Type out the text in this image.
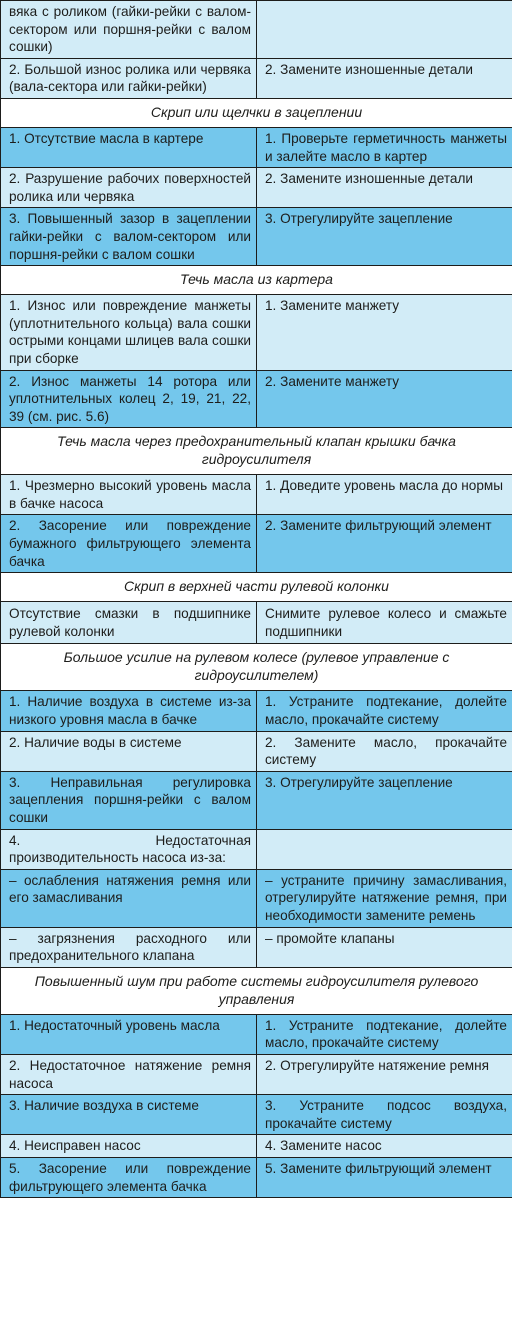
вяка с роликом (гайки-рейки с валом-сектором или поршня-рейки с валом сошки)	
2. Большой износ ролика или червяка (вала-сектора или гайки-рейки)	2. Замените изношенные детали
Скрип или щелчки в зацеплении	
1. Отсутствие масла в картере	1. Проверьте герметичность манжеты и залейте масло в картер
2. Разрушение рабочих поверхностей ролика или червяка	2. Замените изношенные детали
3. Повышенный зазор в зацеплении гайки-рейки с валом-сектором или поршня-рейки с валом сошки	3. Отрегулируйте зацепление
Течь масла из картера	
1. Износ или повреждение манжеты (уплотнительного кольца) вала сошки острыми концами шлицев вала сошки при сборке	1. Замените манжету
2. Износ манжеты 14 ротора или уплотнительных колец 2, 19, 21, 22, 39 (см. рис. 5.6)	2. Замените манжету
Течь масла через предохранительный клапан крышки бачка гидроусилителя	
1. Чрезмерно высокий уровень масла в бачке насоса	1. Доведите уровень масла до нормы
2. Засорение или повреждение бумажного фильтрующего элемента бачка	2. Замените фильтрующий элемент
Скрип в верхней части рулевой колонки	
Отсутствие смазки в подшипнике рулевой колонки	Снимите рулевое колесо и смажьте подшипники
Большое усилие на рулевом колесе (рулевое управление с гидроусилителем)	
1. Наличие воздуха в системе из-за низкого уровня масла в бачке	1. Устраните подтекание, долейте масло, прокачайте систему
2. Наличие воды в системе	2. Замените масло, прокачайте систему
3. Неправильная регулировка зацепления поршня-рейки с валом сошки	3. Отрегулируйте зацепление
4. Недостаточная производительность насоса из-за:	
– ослабления натяжения ремня или его замасливания	– устраните причину замасливания, отрегулируйте натяжение ремня, при необходимости замените ремень
– загрязнения расходного или предохранительного клапана	– промойте клапаны
Повышенный шум при работе системы гидроусилителя рулевого управления	
1. Недостаточный уровень масла	1. Устраните подтекание, долейте масло, прокачайте систему
2. Недостаточное натяжение ремня насоса	2. Отрегулируйте натяжение ремня
3. Наличие воздуха в системе	3. Устраните подсос воздуха, прокачайте систему
4. Неисправен насос	4. Замените насос
5. Засорение или повреждение фильтрующего элемента бачка	5. Замените фильтрующий элемент
